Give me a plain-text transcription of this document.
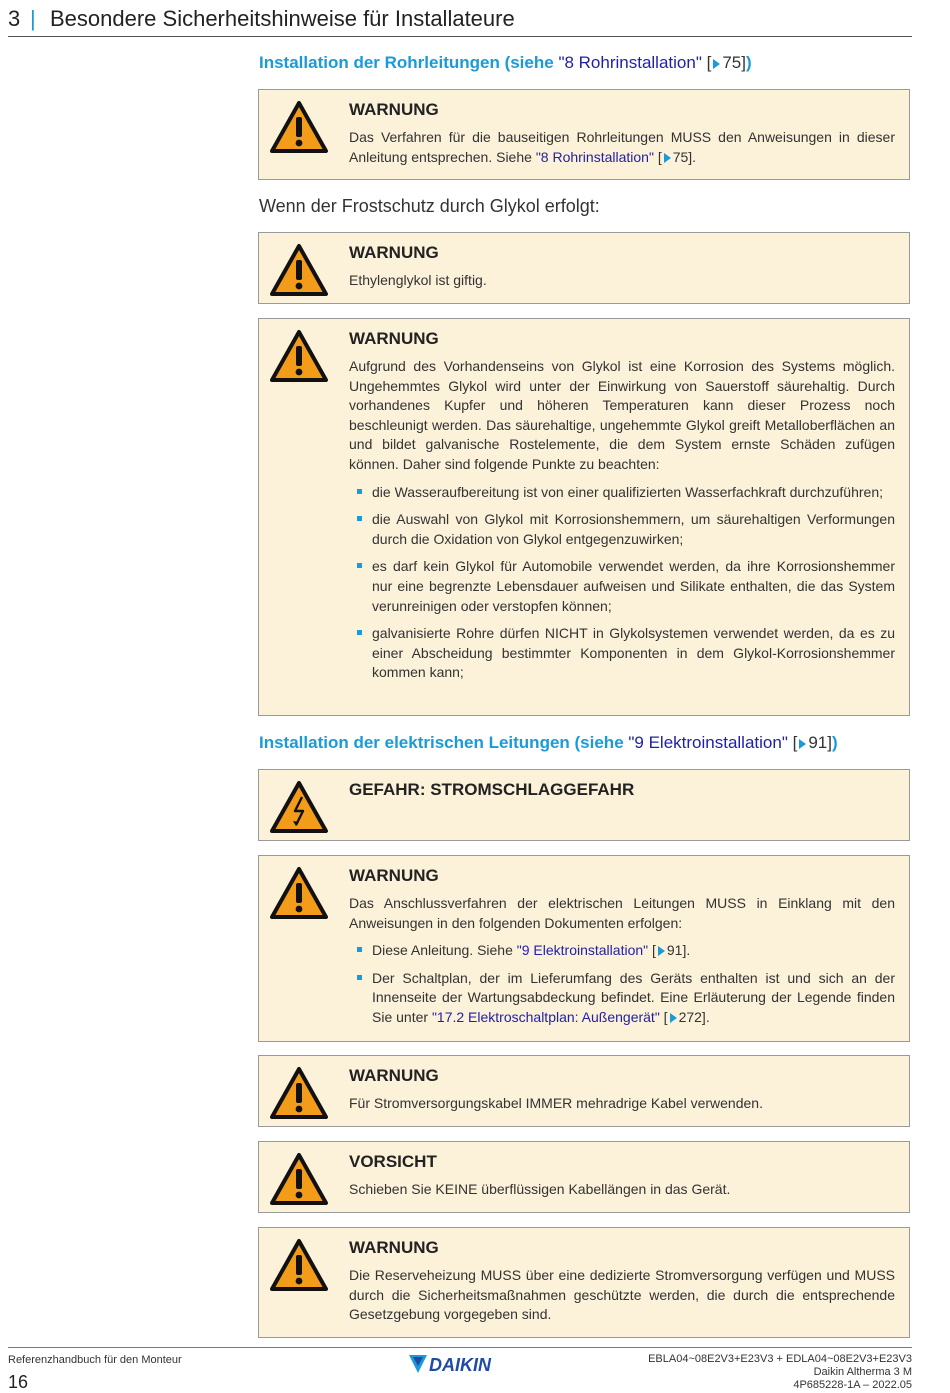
3 | Besondere Sicherheitshinweise für Installateure
Installation der Rohrleitungen (siehe "8 Rohrinstallation" [ 75])
WARNUNG
Das Verfahren für die bauseitigen Rohrleitungen MUSS den Anweisungen in dieser Anleitung entsprechen. Siehe "8 Rohrinstallation" [ 75].
Wenn der Frostschutz durch Glykol erfolgt:
WARNUNG
Ethylenglykol ist giftig.
WARNUNG
Aufgrund des Vorhandenseins von Glykol ist eine Korrosion des Systems möglich. Ungehemmtes Glykol wird unter der Einwirkung von Sauerstoff säurehaltig. Durch vorhandenes Kupfer und höheren Temperaturen kann dieser Prozess noch beschleunigt werden. Das säurehaltige, ungehemmte Glykol greift Metalloberflächen an und bildet galvanische Rostelemente, die dem System ernste Schäden zufügen können. Daher sind folgende Punkte zu beachten:
die Wasseraufbereitung ist von einer qualifizierten Wasserfachkraft durchzuführen;
die Auswahl von Glykol mit Korrosionshemmern, um säurehaltigen Verformungen durch die Oxidation von Glykol entgegenzuwirken;
es darf kein Glykol für Automobile verwendet werden, da ihre Korrosionshemmer nur eine begrenzte Lebensdauer aufweisen und Silikate enthalten, die das System verunreinigen oder verstopfen können;
galvanisierte Rohre dürfen NICHT in Glykolsystemen verwendet werden, da es zu einer Abscheidung bestimmter Komponenten in dem Glykol-Korrosionshemmer kommen kann;
Installation der elektrischen Leitungen (siehe "9 Elektroinstallation" [ 91])
GEFAHR: STROMSCHLAGGEFAHR
WARNUNG
Das Anschlussverfahren der elektrischen Leitungen MUSS in Einklang mit den Anweisungen in den folgenden Dokumenten erfolgen:
Diese Anleitung. Siehe "9 Elektroinstallation" [ 91].
Der Schaltplan, der im Lieferumfang des Geräts enthalten ist und sich an der Innenseite der Wartungsabdeckung befindet. Eine Erläuterung der Legende finden Sie unter "17.2 Elektroschaltplan: Außengerät" [ 272].
WARNUNG
Für Stromversorgungskabel IMMER mehradrige Kabel verwenden.
VORSICHT
Schieben Sie KEINE überflüssigen Kabellängen in das Gerät.
WARNUNG
Die Reserveheizung MUSS über eine dedizierte Stromversorgung verfügen und MUSS durch die Sicherheitsmaßnahmen geschützte werden, die durch die entsprechende Gesetzgebung vorgegeben sind.
Referenzhandbuch für den Monteur
16
DAIKIN	EBLA04~08E2V3+E23V3 + EDLA04~08E2V3+E23V3
Daikin Altherma 3 M
4P685228-1A – 2022.05
